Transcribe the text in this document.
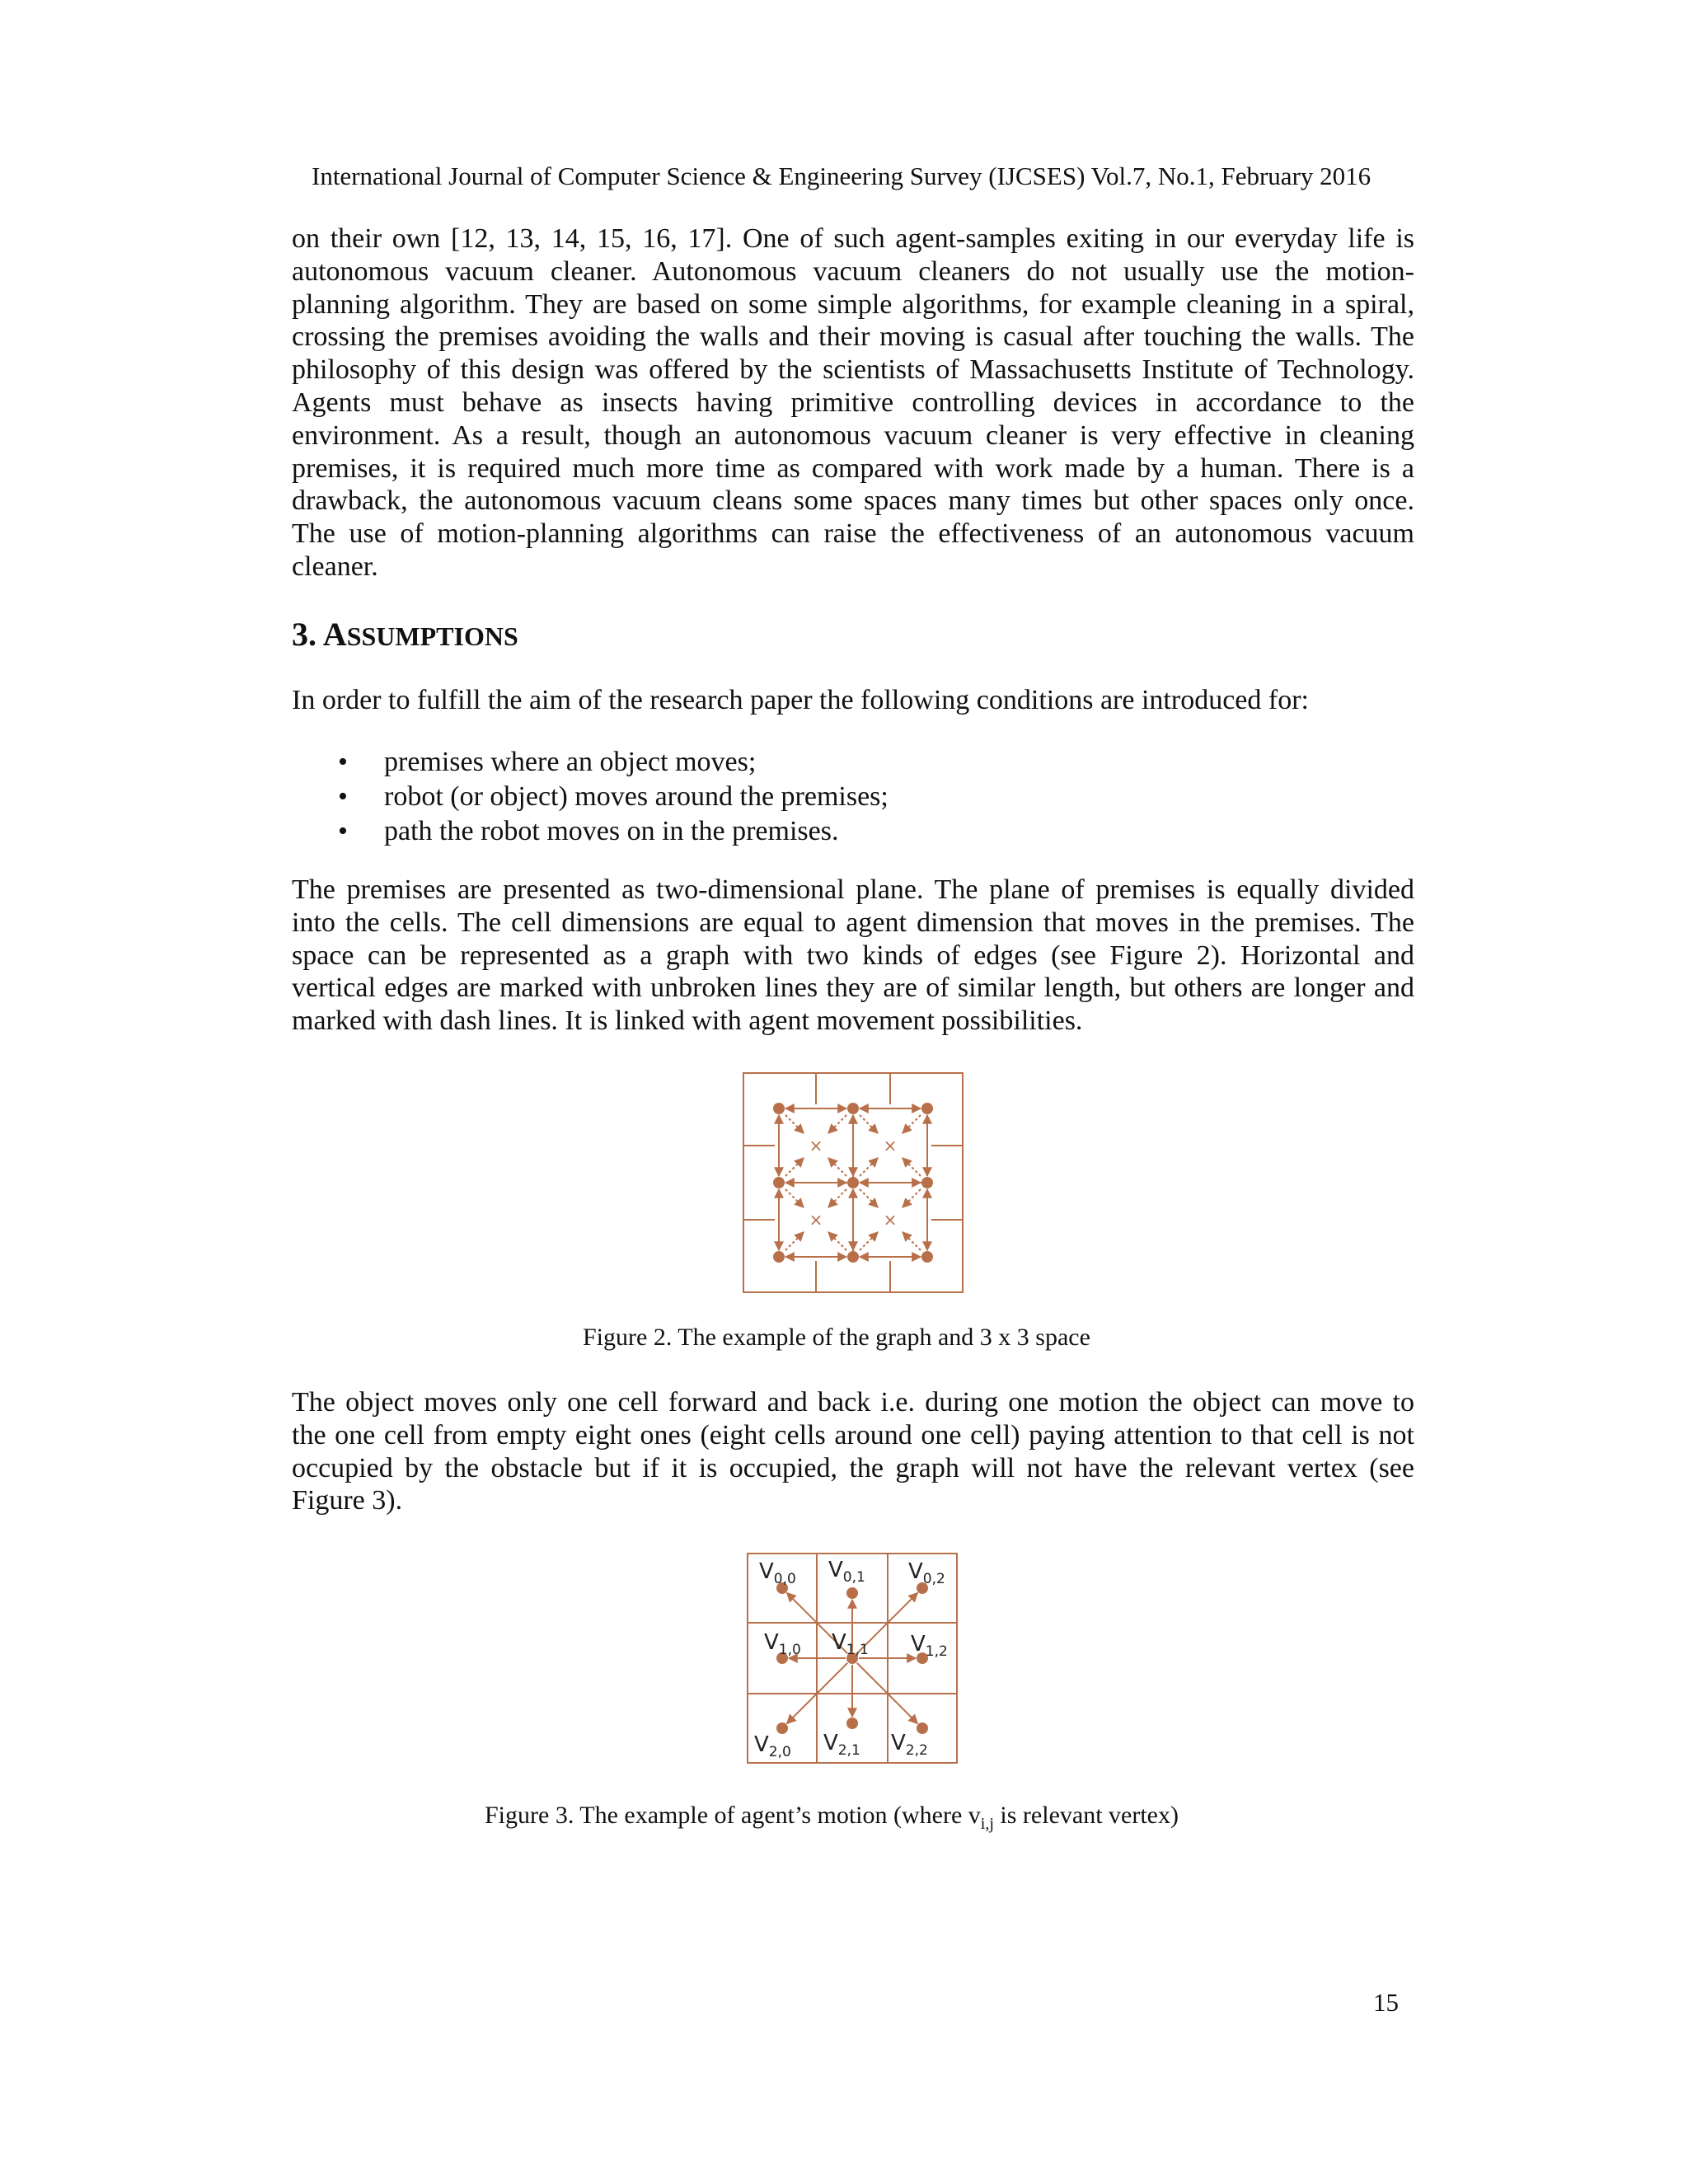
International Journal of Computer Science & Engineering Survey (IJCSES) Vol.7, No.1, February 2016
on their own [12, 13, 14, 15, 16, 17]. One of such agent-samples exiting in our everyday life is
autonomous vacuum cleaner. Autonomous vacuum cleaners do not usually use the motion-
planning algorithm. They are based on some simple algorithms, for example cleaning in a spiral,
crossing the premises avoiding the walls and their moving is casual after touching the walls. The
philosophy of this design was offered by the scientists of Massachusetts Institute of Technology.
Agents must behave as insects having primitive controlling devices in accordance to the
environment. As a result, though an autonomous vacuum cleaner is very effective in cleaning
premises, it is required much more time as compared with work made by a human. There is a
drawback, the autonomous vacuum cleans some spaces many times but other spaces only once.
The use of motion-planning algorithms can raise the effectiveness of an autonomous vacuum
cleaner.
3. ASSUMPTIONS
In order to fulfill the aim of the research paper the following conditions are introduced for:
• premises where an object moves;
• robot (or object) moves around the premises;
• path the robot moves on in the premises.
The premises are presented as two-dimensional plane. The plane of premises is equally divided
into the cells. The cell dimensions are equal to agent dimension that moves in the premises. The
space can be represented as a graph with two kinds of edges (see Figure 2). Horizontal and
vertical edges are marked with unbroken lines they are of similar length, but others are longer and
marked with dash lines. It is linked with agent movement possibilities.
×	×
×	×
Figure 2. The example of the graph and 3 x 3 space
The object moves only one cell forward and back i.e. during one motion the object can move to
the one cell from empty eight ones (eight cells around one cell) paying attention to that cell is not
occupied by the obstacle but if it is occupied, the graph will not have the relevant vertex (see
Figure 3).
$V_{0,0}$ $V_{0,1}$ $V_{0,2}$
$V_{1,0}$ $V_{1,1}$ $V_{1,2}$
$V_{2,0}$ $V_{2,1}$ $V_{2,2}$
Figure 3. The example of agent’s motion (where $v_{i,j}$ is relevant vertex)
15
